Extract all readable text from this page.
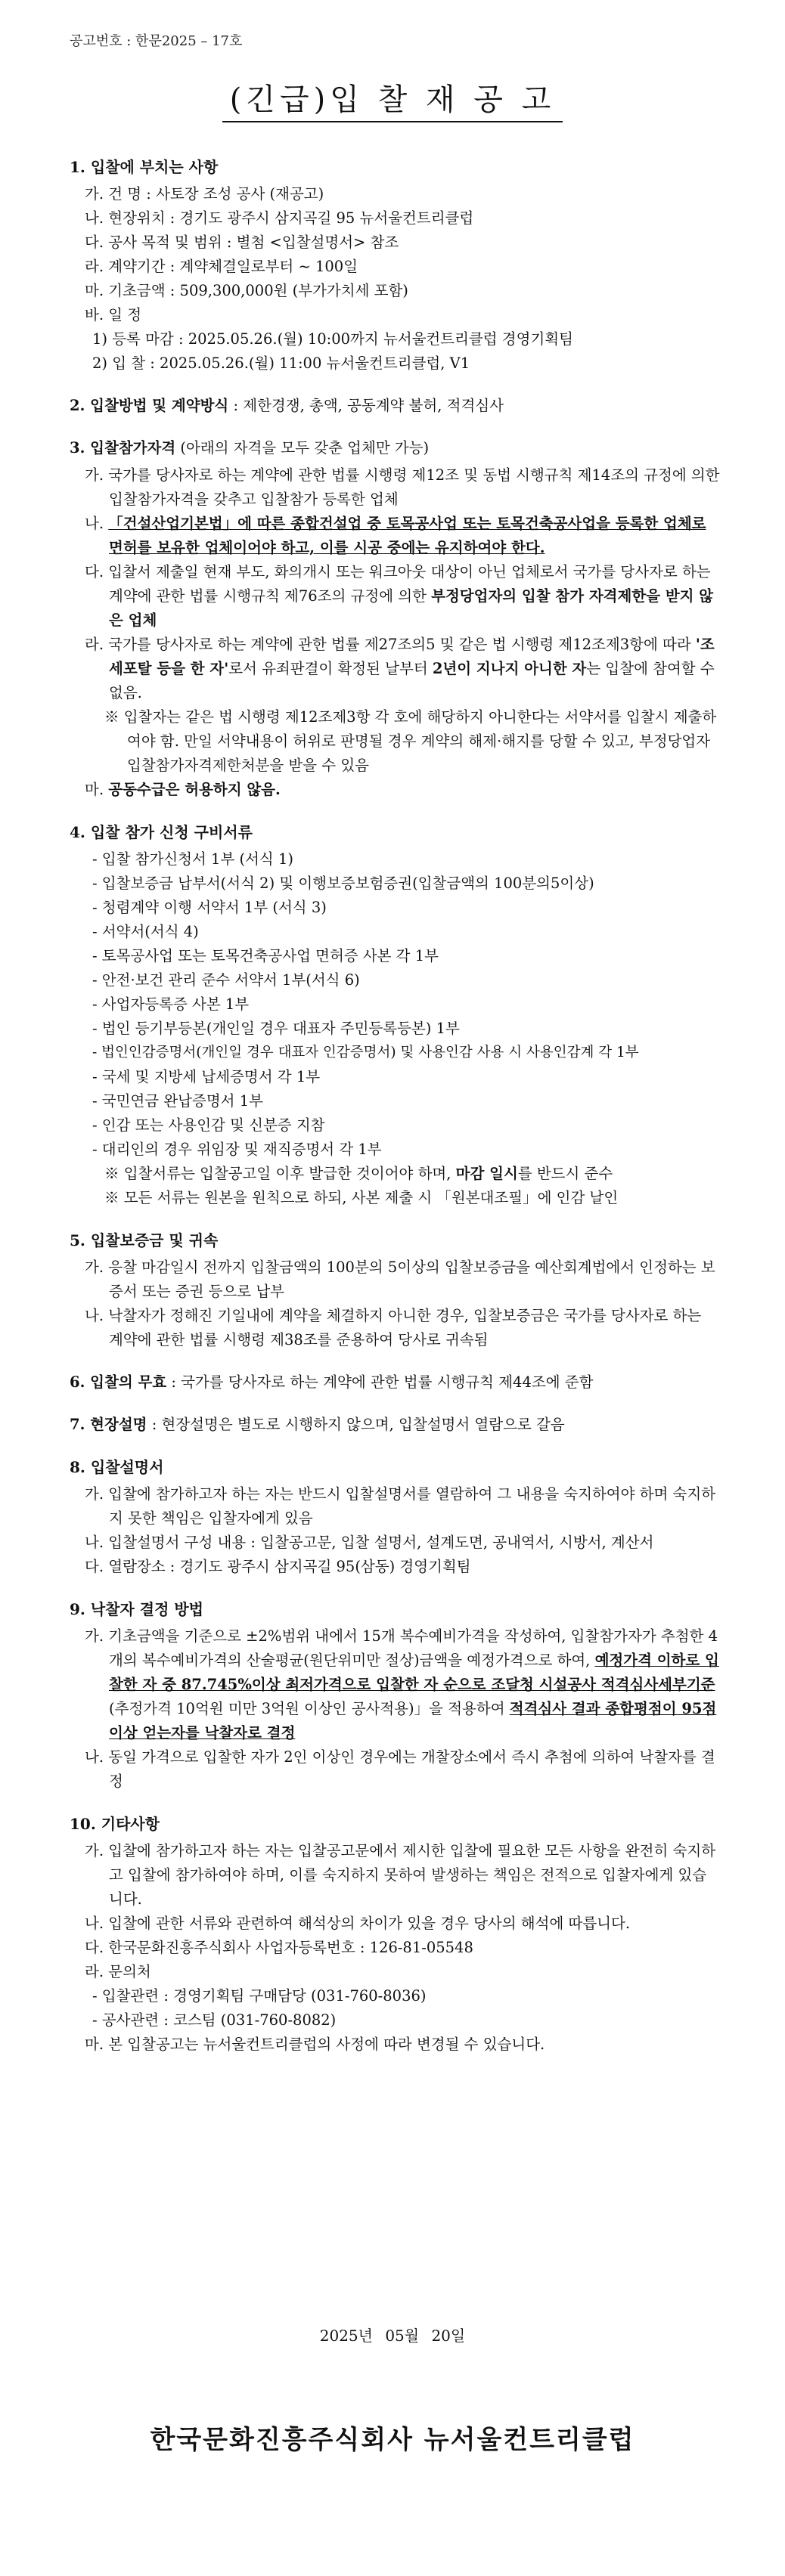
공고번호 : 한문2025 – 17호
(긴급)입 찰 재 공 고
1. 입찰에 부치는 사항
가. 건 명 : 사토장 조성 공사 (재공고)
나. 현장위치 : 경기도 광주시 삼지곡길 95 뉴서울컨트리클럽
다. 공사 목적 및 범위 : 별첨 <입찰설명서> 참조
라. 계약기간 : 계약체결일로부터 ~ 100일
마. 기초금액 : 509,300,000원 (부가가치세 포함)
바. 일 정
1) 등록 마감 : 2025.05.26.(월) 10:00까지 뉴서울컨트리클럽 경영기획팀
2) 입 찰 : 2025.05.26.(월) 11:00 뉴서울컨트리클럽, V1
2. 입찰방법 및 계약방식 : 제한경쟁, 총액, 공동계약 불허, 적격심사
3. 입찰참가자격 (아래의 자격을 모두 갖춘 업체만 가능)
가. 국가를 당사자로 하는 계약에 관한 법률 시행령 제12조 및 동법 시행규칙 제14조의 규정에 의한 입찰참가자격을 갖추고 입찰참가 등록한 업체
나. 「건설산업기본법」에 따른 종합건설업 중 토목공사업 또는 토목건축공사업을 등록한 업체로 면허를 보유한 업체이어야 하고, 이를 시공 중에는 유지하여야 한다.
다. 입찰서 제출일 현재 부도, 화의개시 또는 워크아웃 대상이 아닌 업체로서 국가를 당사자로 하는 계약에 관한 법률 시행규칙 제76조의 규정에 의한 부정당업자의 입찰 참가 자격제한을 받지 않은 업체
라. 국가를 당사자로 하는 계약에 관한 법률 제27조의5 및 같은 법 시행령 제12조제3항에 따라 '조세포탈 등을 한 자'로서 유죄판결이 확정된 날부터 2년이 지나지 아니한 자는 입찰에 참여할 수 없음.
※ 입찰자는 같은 법 시행령 제12조제3항 각 호에 해당하지 아니한다는 서약서를 입찰시 제출하여야 함. 만일 서약내용이 허위로 판명될 경우 계약의 해제·해지를 당할 수 있고, 부정당업자 입찰참가자격제한처분을 받을 수 있음
마. 공동수급은 허용하지 않음.
4. 입찰 참가 신청 구비서류
- 입찰 참가신청서 1부 (서식 1)
- 입찰보증금 납부서(서식 2) 및 이행보증보험증권(입찰금액의 100분의5이상)
- 청렴계약 이행 서약서 1부 (서식 3)
- 서약서(서식 4)
- 토목공사업 또는 토목건축공사업 면허증 사본 각 1부
- 안전·보건 관리 준수 서약서 1부(서식 6)
- 사업자등록증 사본 1부
- 법인 등기부등본(개인일 경우 대표자 주민등록등본) 1부
- 법인인감증명서(개인일 경우 대표자 인감증명서) 및 사용인감 사용 시 사용인감계 각 1부
- 국세 및 지방세 납세증명서 각 1부
- 국민연금 완납증명서 1부
- 인감 또는 사용인감 및 신분증 지참
- 대리인의 경우 위임장 및 재직증명서 각 1부
※ 입찰서류는 입찰공고일 이후 발급한 것이어야 하며, 마감 일시를 반드시 준수
※ 모든 서류는 원본을 원칙으로 하되, 사본 제출 시 「원본대조필」에 인감 날인
5. 입찰보증금 및 귀속
가. 응찰 마감일시 전까지 입찰금액의 100분의 5이상의 입찰보증금을 예산회계법에서 인정하는 보증서 또는 증권 등으로 납부
나. 낙찰자가 정해진 기일내에 계약을 체결하지 아니한 경우, 입찰보증금은 국가를 당사자로 하는 계약에 관한 법률 시행령 제38조를 준용하여 당사로 귀속됨
6. 입찰의 무효 : 국가를 당사자로 하는 계약에 관한 법률 시행규칙 제44조에 준함
7. 현장설명 : 현장설명은 별도로 시행하지 않으며, 입찰설명서 열람으로 갈음
8. 입찰설명서
가. 입찰에 참가하고자 하는 자는 반드시 입찰설명서를 열람하여 그 내용을 숙지하여야 하며 숙지하지 못한 책임은 입찰자에게 있음
나. 입찰설명서 구성 내용 : 입찰공고문, 입찰 설명서, 설계도면, 공내역서, 시방서, 계산서
다. 열람장소 : 경기도 광주시 삼지곡길 95(삼동) 경영기획팀
9. 낙찰자 결정 방법
가. 기초금액을 기준으로 ±2%범위 내에서 15개 복수예비가격을 작성하여, 입찰참가자가 추첨한 4개의 복수예비가격의 산술평균(원단위미만 절상)금액을 예정가격으로 하여, 예정가격 이하로 입찰한 자 중 87.745%이상 최저가격으로 입찰한 자 순으로 조달청 시설공사 적격심사세부기준(추정가격 10억원 미만 3억원 이상인 공사적용)」을 적용하여 적격심사 결과 종합평점이 95점 이상 얻는자를 낙찰자로 결정
나. 동일 가격으로 입찰한 자가 2인 이상인 경우에는 개찰장소에서 즉시 추첨에 의하여 낙찰자를 결정
10. 기타사항
가. 입찰에 참가하고자 하는 자는 입찰공고문에서 제시한 입찰에 필요한 모든 사항을 완전히 숙지하고 입찰에 참가하여야 하며, 이를 숙지하지 못하여 발생하는 책임은 전적으로 입찰자에게 있습니다.
나. 입찰에 관한 서류와 관련하여 해석상의 차이가 있을 경우 당사의 해석에 따릅니다.
다. 한국문화진흥주식회사 사업자등록번호 : 126-81-05548
라. 문의처
- 입찰관련 : 경영기획팀 구매담당 (031-760-8036)
- 공사관련 : 코스팀 (031-760-8082)
마. 본 입찰공고는 뉴서울컨트리클럽의 사정에 따라 변경될 수 있습니다.
2025년 05월 20일
한국문화진흥주식회사 뉴서울컨트리클럽
